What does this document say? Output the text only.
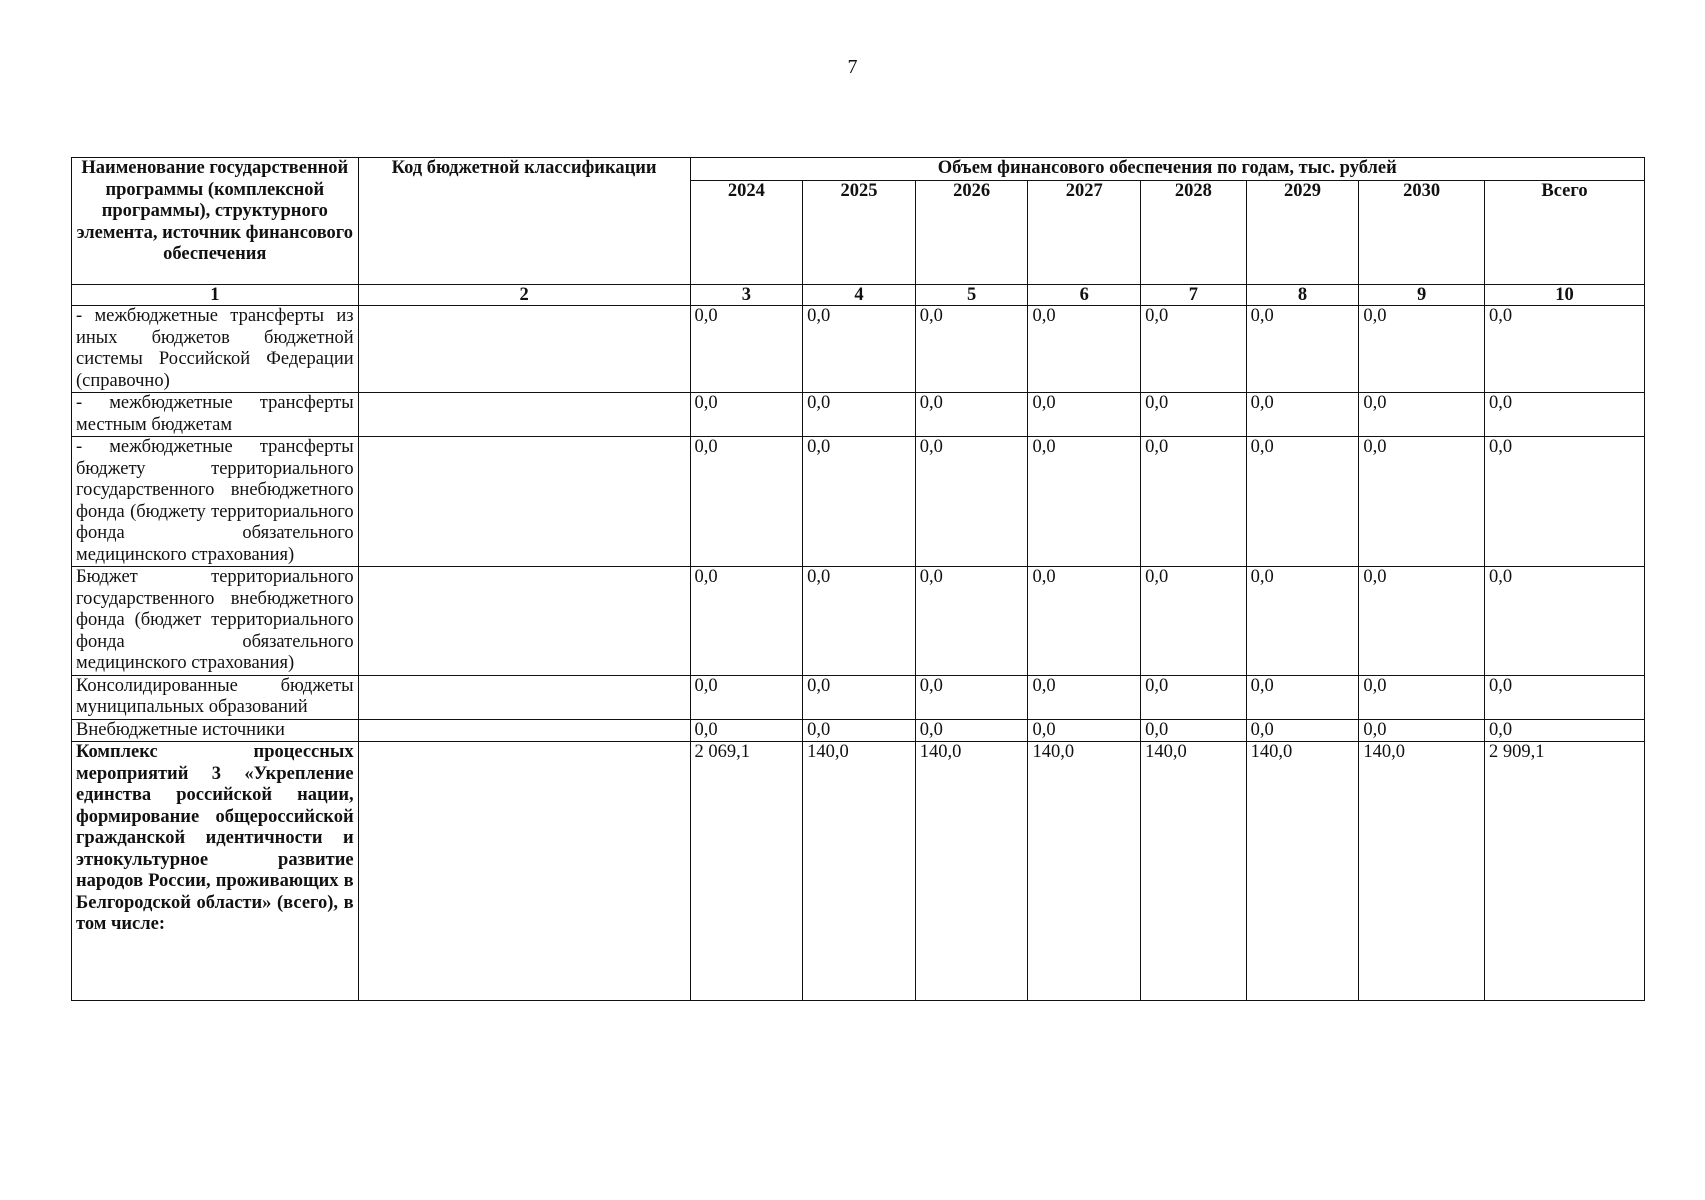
7
Наименование государственной программы (комплексной программы), структурного элемента, источник финансового обеспечения	Код бюджетной классификации	Объем финансового обеспечения по годам, тыс. рублей							
		2024	2025	2026	2027	2028	2029	2030	Всего
1	2	3	4	5	6	7	8	9	10
- межбюджетные трансферты из иных бюджетов бюджетной системы Российской Федерации (справочно)		0,0	0,0	0,0	0,0	0,0	0,0	0,0	0,0
- межбюджетные трансферты местным бюджетам		0,0	0,0	0,0	0,0	0,0	0,0	0,0	0,0
- межбюджетные трансферты бюджету территориального государственного внебюджетного фонда (бюджету территориального фонда обязательного медицинского страхования)		0,0	0,0	0,0	0,0	0,0	0,0	0,0	0,0
Бюджет территориального государственного внебюджетного фонда (бюджет территориального фонда обязательного медицинского страхования)		0,0	0,0	0,0	0,0	0,0	0,0	0,0	0,0
Консолидированные бюджеты муниципальных образований		0,0	0,0	0,0	0,0	0,0	0,0	0,0	0,0
Внебюджетные источники		0,0	0,0	0,0	0,0	0,0	0,0	0,0	0,0
Комплекс процессных мероприятий 3 «Укрепление единства российской нации, формирование общероссийской гражданской идентичности и этнокультурное развитие народов России, проживающих в Белгородской области» (всего), в том числе:		2 069,1	140,0	140,0	140,0	140,0	140,0	140,0	2 909,1
